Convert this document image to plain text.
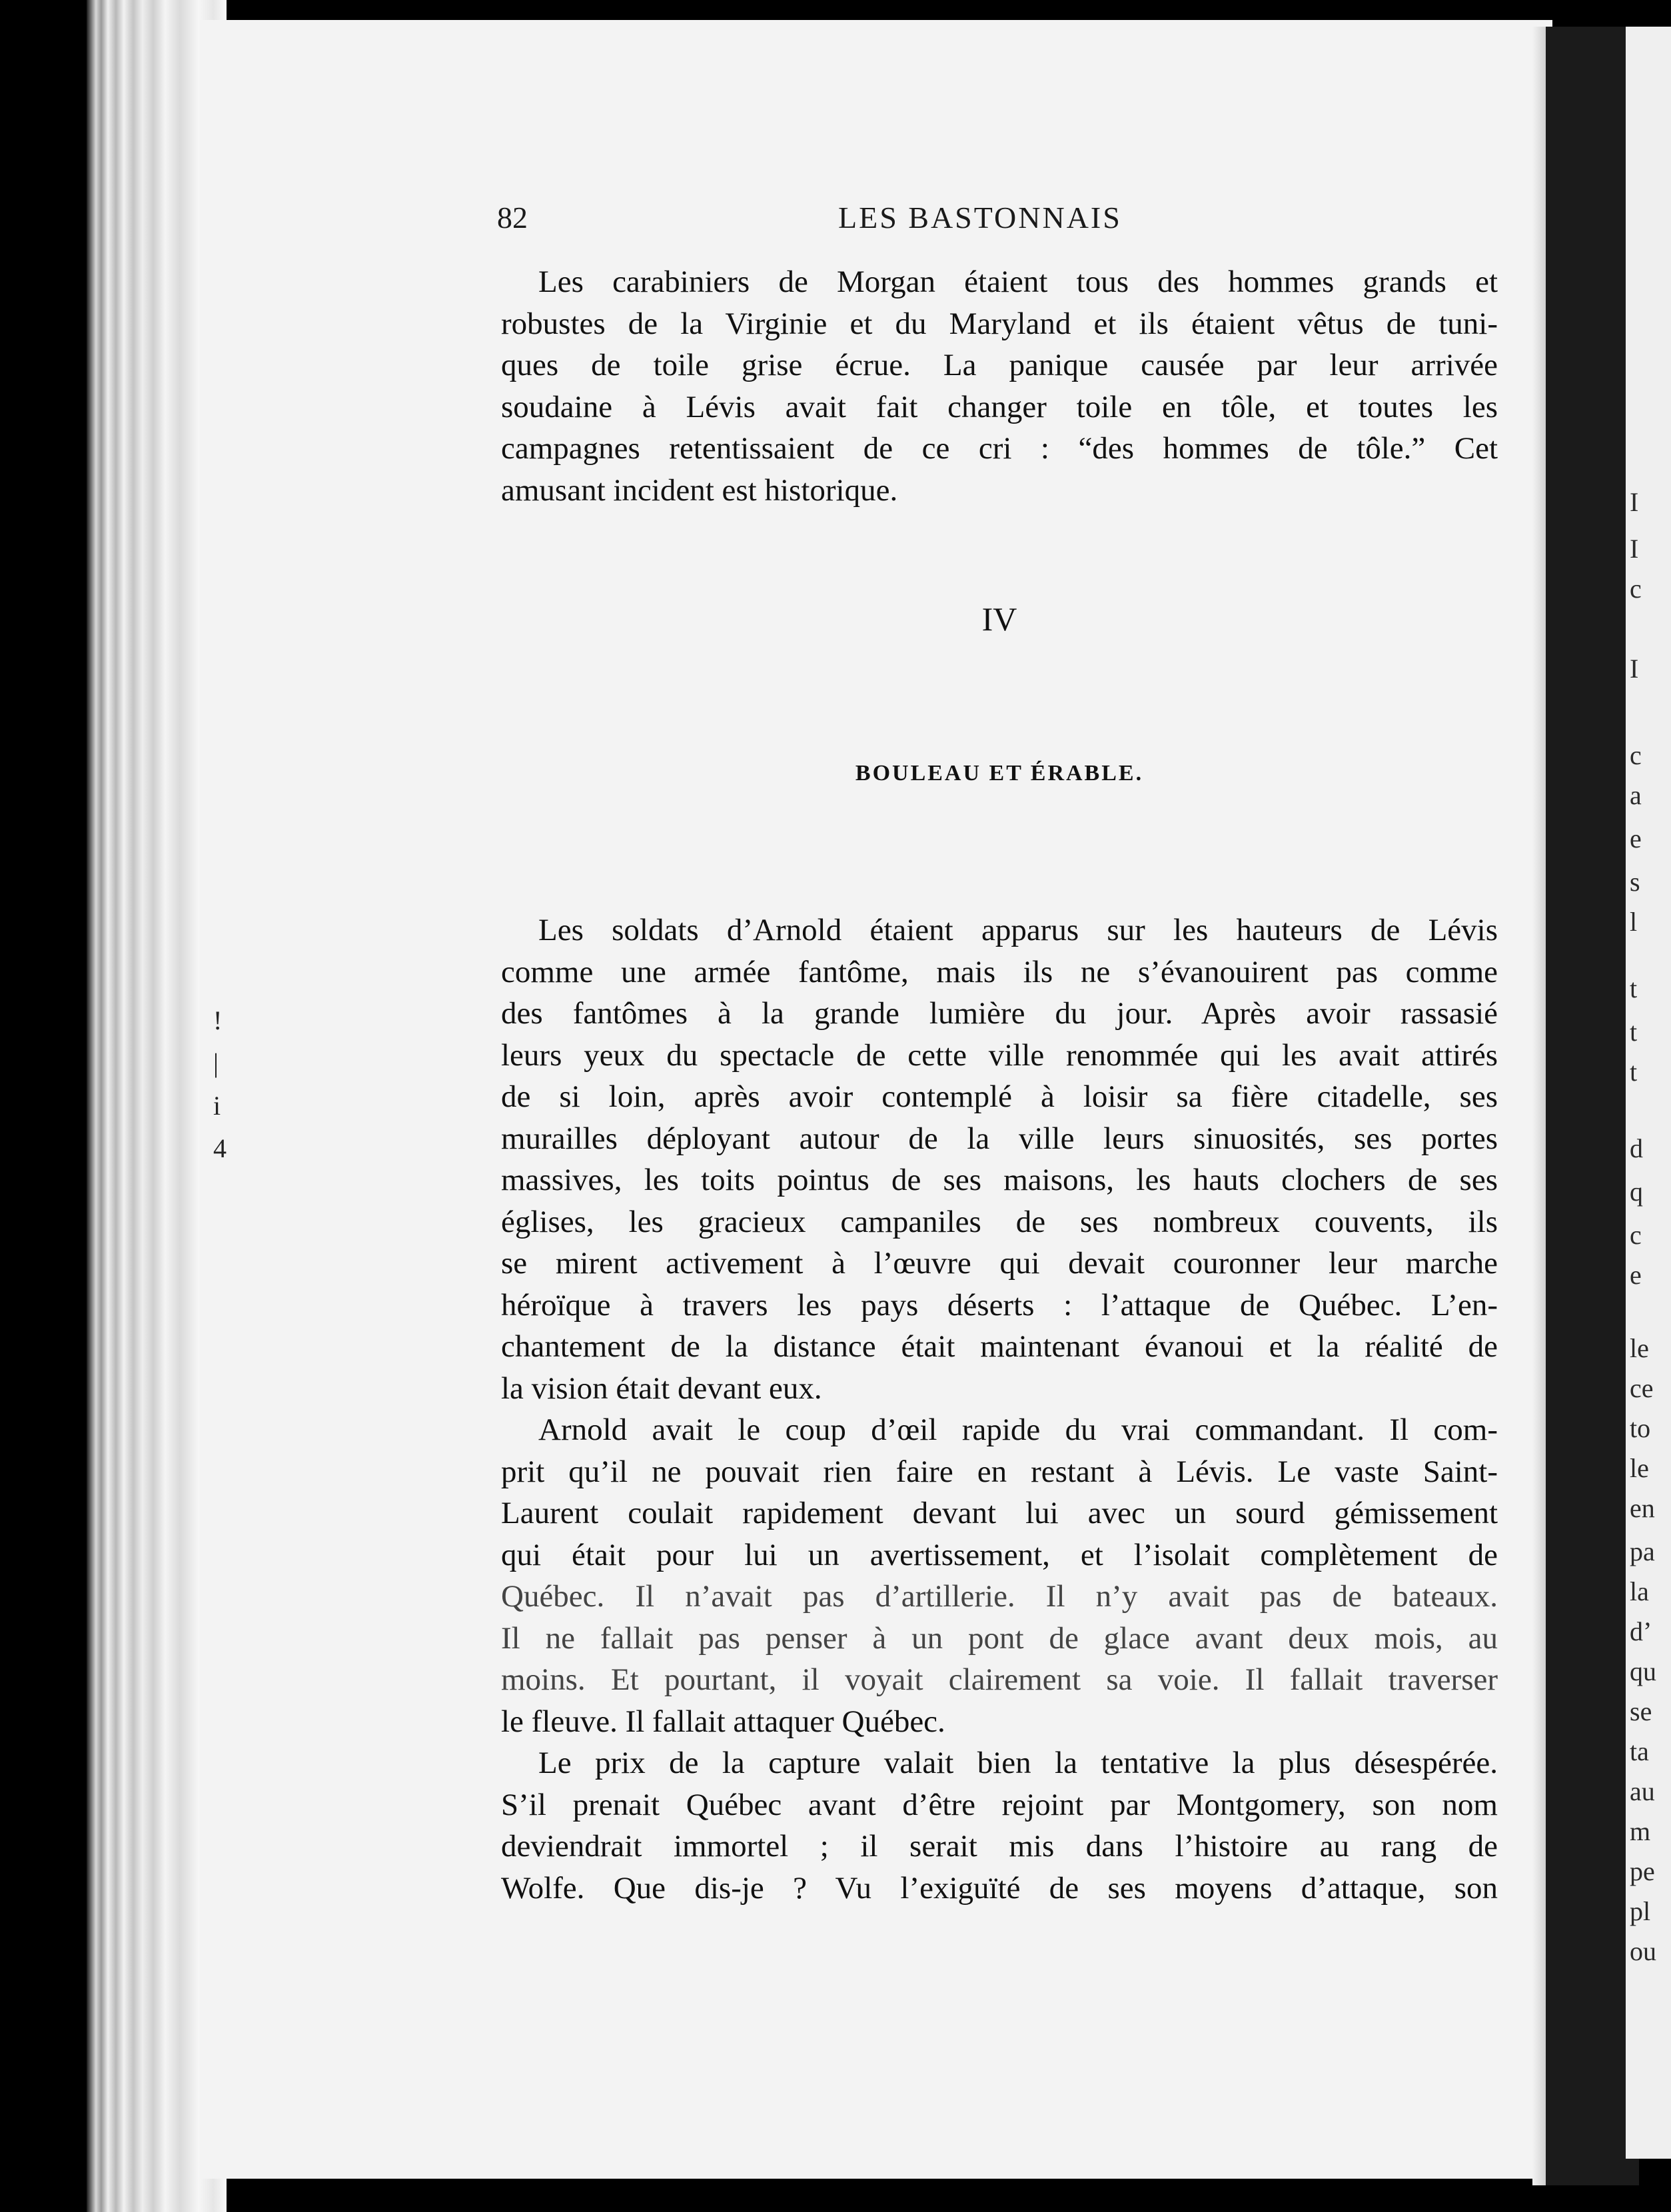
I
I
c
I
c
a
e
s
l
t
t
t
d
q
c
e
le
ce
to
le
en
pa
la
d’
qu
se
ta
au
m
pe
pl
ou
!
|
i
4
82	LES BASTONNAIS
Les carabiniers de Morgan étaient tous des hommes grands et
robustes de la Virginie et du Maryland et ils étaient vêtus de tuni-
ques de toile grise écrue. La panique causée par leur arrivée
soudaine à Lévis avait fait changer toile en tôle, et toutes les
campagnes retentissaient de ce cri : “des hommes de tôle.” Cet
amusant incident est historique.
IV
BOULEAU ET ÉRABLE.
Les soldats d’Arnold étaient apparus sur les hauteurs de Lévis
comme une armée fantôme, mais ils ne s’évanouirent pas comme
des fantômes à la grande lumière du jour. Après avoir rassasié
leurs yeux du spectacle de cette ville renommée qui les avait attirés
de si loin, après avoir contemplé à loisir sa fière citadelle, ses
murailles déployant autour de la ville leurs sinuosités, ses portes
massives, les toits pointus de ses maisons, les hauts clochers de ses
églises, les gracieux campaniles de ses nombreux couvents, ils
se mirent activement à l’œuvre qui devait couronner leur marche
héroïque à travers les pays déserts : l’attaque de Québec. L’en-
chantement de la distance était maintenant évanoui et la réalité de
la vision était devant eux.
Arnold avait le coup d’œil rapide du vrai commandant. Il com-
prit qu’il ne pouvait rien faire en restant à Lévis. Le vaste Saint-
Laurent coulait rapidement devant lui avec un sourd gémissement
qui était pour lui un avertissement, et l’isolait complètement de
Québec. Il n’avait pas d’artillerie. Il n’y avait pas de bateaux.
Il ne fallait pas penser à un pont de glace avant deux mois, au
moins. Et pourtant, il voyait clairement sa voie. Il fallait traverser
le fleuve. Il fallait attaquer Québec.
Le prix de la capture valait bien la tentative la plus désespérée.
S’il prenait Québec avant d’être rejoint par Montgomery, son nom
deviendrait immortel ; il serait mis dans l’histoire au rang de
Wolfe. Que dis-je ? Vu l’exiguïté de ses moyens d’attaque, son
